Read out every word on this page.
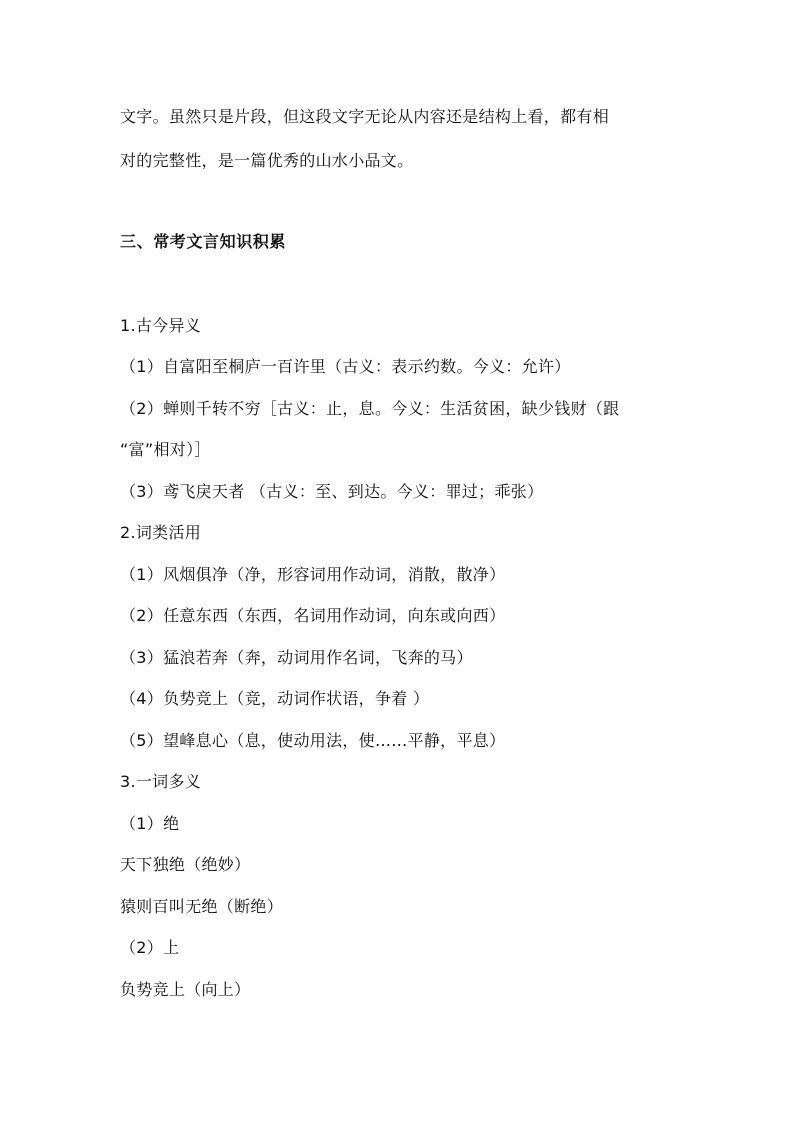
文字。虽然只是片段，但这段文字无论从内容还是结构上看，都有相
对的完整性，是一篇优秀的山水小品文。
三、常考文言知识积累
1.古今异义
（1）自富阳至桐庐一百许里（古义：表示约数。今义：允许）
（2）蝉则千转不穷［古义：止，息。今义：生活贫困，缺少钱财（跟
“富”相对）］
（3）鸢飞戾天者 （古义：至、到达。今义：罪过；乖张）
2.词类活用
（1）风烟俱净（净，形容词用作动词，消散，散净）
（2）任意东西（东西，名词用作动词，向东或向西）
（3）猛浪若奔（奔，动词用作名词，飞奔的马）
（4）负势竞上（竞，动词作状语，争着 ）
（5）望峰息心（息，使动用法，使……平静，平息）
3.一词多义
（1）绝
天下独绝（绝妙）
猿则百叫无绝（断绝）
（2）上
负势竞上（向上）
